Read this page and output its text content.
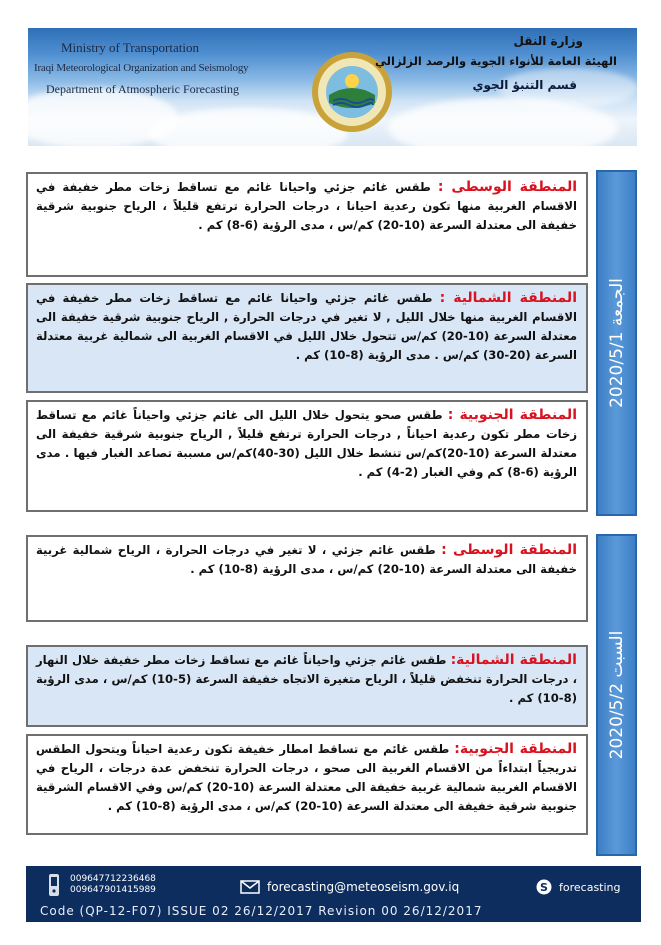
Ministry of Transportation
Iraqi Meteorological Organization and Seismology
Department of Atmospheric Forecasting
وزارة النقل
الهيئة العامة للأنواء الجوية والرصد الزلزالي
قسم التنبؤ الجوي
الجمعة 2020/5/1
السبت 2020/5/2
المنطقة الوسطى : طقس غائم جزئي واحيانا غائم مع تساقط زخات مطر خفيفة في الاقسام الغربية منها تكون رعدية احيانا ، درجات الحرارة ترتفع قليلاً ، الرياح جنوبية شرقية خفيفة الى معتدلة السرعة (10-20) كم/س ، مدى الرؤية (6-8) كم .
المنطقة الشمالية : طقس غائم جزئي واحيانا غائم مع تساقط زخات مطر خفيفة في الاقسام الغربية منها خلال الليل , لا تغير في درجات الحرارة , الرياح جنوبية شرقية خفيفة الى معتدلة السرعة (10-20) كم/س تتحول خلال الليل في الاقسام الغربية الى شمالية غربية معتدلة السرعة (20-30) كم/س . مدى الرؤية (8-10) كم .
المنطقة الجنوبية : طقس صحو يتحول خلال الليل الى غائم جزئي واحياناً غائم مع تساقط زخات مطر تكون رعدية احياناً , درجات الحرارة ترتفع قليلاً , الرياح جنوبية شرقية خفيفة الى معتدلة السرعة (10-20)كم/س تنشط خلال الليل (30-40)كم/س مسببة تصاعد الغبار فيها . مدى الرؤية (6-8) كم وفي الغبار (2-4) كم .
المنطقة الوسطى : طقس غائم جزئي ، لا تغير في درجات الحرارة ، الرياح شمالية غربية خفيفة الى معتدلة السرعة (10-20) كم/س ، مدى الرؤية (8-10) كم .
المنطقة الشمالية: طقس غائم جزئي واحياناً غائم مع تساقط زخات مطر خفيفة خلال النهار ، درجات الحرارة تنخفض قليلاً ، الرياح متغيرة الاتجاه خفيفة السرعة (5-10) كم/س ، مدى الرؤية (8-10) كم .
المنطقة الجنوبية: طقس غائم مع تساقط امطار خفيفة تكون رعدية احياناً ويتحول الطقس تدريجياً ابتداءاً من الاقسام الغربية الى صحو ، درجات الحرارة تنخفض عدة درجات ، الرياح في الاقسام الغربية شمالية غربية خفيفة الى معتدلة السرعة (10-20) كم/س وفي الاقسام الشرقية جنوبية شرقية خفيفة الى معتدلة السرعة (10-20) كم/س ، مدى الرؤية (8-10) كم .
009647712236468
009647901415989	forecasting@meteoseism.gov.iq	S forecasting
Code (QP-12-F07) ISSUE 02 26/12/2017 Revision 00 26/12/2017
